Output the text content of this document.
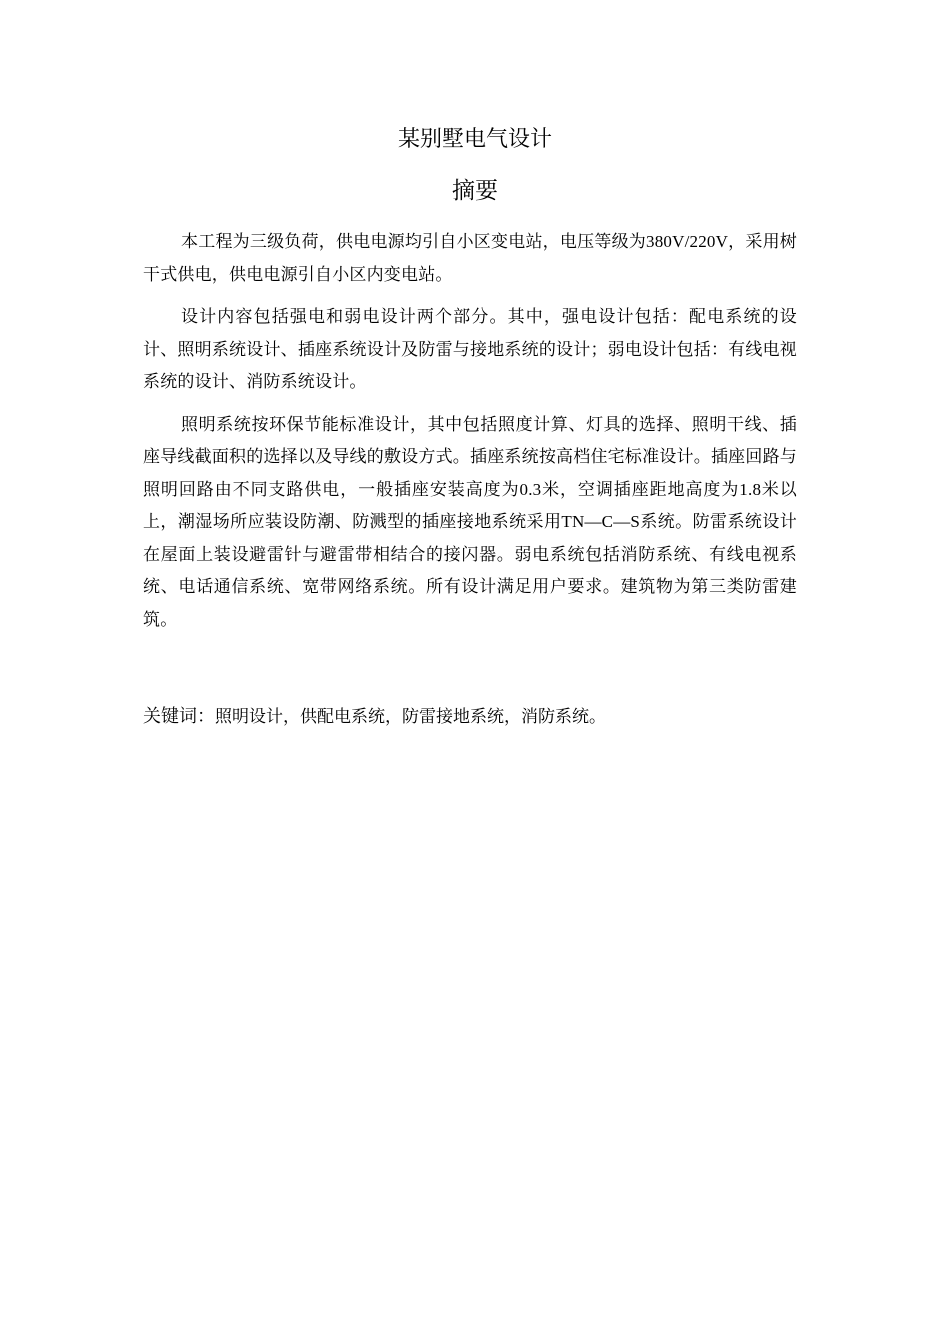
某别墅电气设计
摘要

本工程为三级负荷，供电电源均引自小区变电站，电压等级为380V/220V，采用树干式供电，供电电源引自小区内变电站。

设计内容包括强电和弱电设计两个部分。其中，强电设计包括：配电系统的设计、照明系统设计、插座系统设计及防雷与接地系统的设计；弱电设计包括：有线电视系统的设计、消防系统设计。

照明系统按环保节能标准设计，其中包括照度计算、灯具的选择、照明干线、插座导线截面积的选择以及导线的敷设方式。插座系统按高档住宅标准设计。插座回路与照明回路由不同支路供电，一般插座安装高度为0.3米，空调插座距地高度为1.8米以上，潮湿场所应装设防潮、防溅型的插座接地系统采用TN—C—S系统。防雷系统设计在屋面上装设避雷针与避雷带相结合的接闪器。弱电系统包括消防系统、有线电视系统、电话通信系统、宽带网络系统。所有设计满足用户要求。建筑物为第三类防雷建筑。

关键词：照明设计，供配电系统，防雷接地系统，消防系统。
